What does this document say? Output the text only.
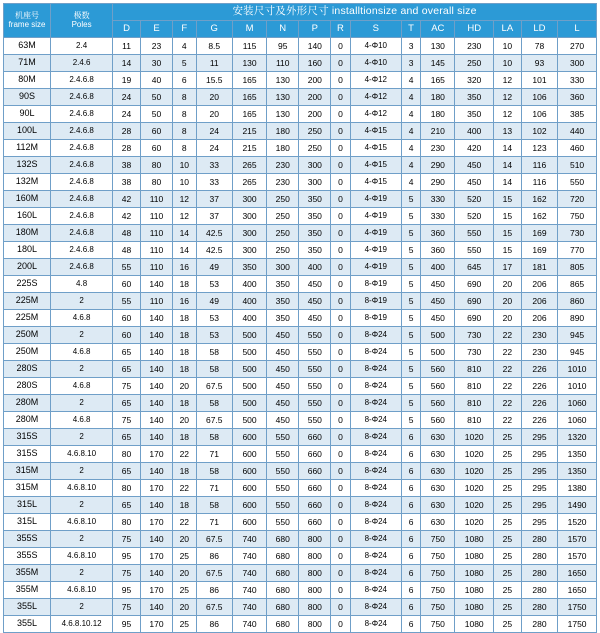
机座号
frame size	极数
Poles	安装尺寸及外形尺寸 installtionsize and overall size														
		D	E	F	G	M	N	P	R	S	T	AC	HD	LA	LD	L
63M	2.4	11	23	4	8.5	115	95	140	0	4-Φ10	3	130	230	10	78	270
71M	2.4.6	14	30	5	11	130	110	160	0	4-Φ10	3	145	250	10	93	300
80M	2.4.6.8	19	40	6	15.5	165	130	200	0	4-Φ12	4	165	320	12	101	330
90S	2.4.6.8	24	50	8	20	165	130	200	0	4-Φ12	4	180	350	12	106	360
90L	2.4.6.8	24	50	8	20	165	130	200	0	4-Φ12	4	180	350	12	106	385
100L	2.4.6.8	28	60	8	24	215	180	250	0	4-Φ15	4	210	400	13	102	440
112M	2.4.6.8	28	60	8	24	215	180	250	0	4-Φ15	4	230	420	14	123	460
132S	2.4.6.8	38	80	10	33	265	230	300	0	4-Φ15	4	290	450	14	116	510
132M	2.4.6.8	38	80	10	33	265	230	300	0	4-Φ15	4	290	450	14	116	550
160M	2.4.6.8	42	110	12	37	300	250	350	0	4-Φ19	5	330	520	15	162	720
160L	2.4.6.8	42	110	12	37	300	250	350	0	4-Φ19	5	330	520	15	162	750
180M	2.4.6.8	48	110	14	42.5	300	250	350	0	4-Φ19	5	360	550	15	169	730
180L	2.4.6.8	48	110	14	42.5	300	250	350	0	4-Φ19	5	360	550	15	169	770
200L	2.4.6.8	55	110	16	49	350	300	400	0	4-Φ19	5	400	645	17	181	805
225S	4.8	60	140	18	53	400	350	450	0	8-Φ19	5	450	690	20	206	865
225M	2	55	110	16	49	400	350	450	0	8-Φ19	5	450	690	20	206	860
225M	4.6.8	60	140	18	53	400	350	450	0	8-Φ19	5	450	690	20	206	890
250M	2	60	140	18	53	500	450	550	0	8-Φ24	5	500	730	22	230	945
250M	4.6.8	65	140	18	58	500	450	550	0	8-Φ24	5	500	730	22	230	945
280S	2	65	140	18	58	500	450	550	0	8-Φ24	5	560	810	22	226	1010
280S	4.6.8	75	140	20	67.5	500	450	550	0	8-Φ24	5	560	810	22	226	1010
280M	2	65	140	18	58	500	450	550	0	8-Φ24	5	560	810	22	226	1060
280M	4.6.8	75	140	20	67.5	500	450	550	0	8-Φ24	5	560	810	22	226	1060
315S	2	65	140	18	58	600	550	660	0	8-Φ24	6	630	1020	25	295	1320
315S	4.6.8.10	80	170	22	71	600	550	660	0	8-Φ24	6	630	1020	25	295	1350
315M	2	65	140	18	58	600	550	660	0	8-Φ24	6	630	1020	25	295	1350
315M	4.6.8.10	80	170	22	71	600	550	660	0	8-Φ24	6	630	1020	25	295	1380
315L	2	65	140	18	58	600	550	660	0	8-Φ24	6	630	1020	25	295	1490
315L	4.6.8.10	80	170	22	71	600	550	660	0	8-Φ24	6	630	1020	25	295	1520
355S	2	75	140	20	67.5	740	680	800	0	8-Φ24	6	750	1080	25	280	1570
355S	4.6.8.10	95	170	25	86	740	680	800	0	8-Φ24	6	750	1080	25	280	1570
355M	2	75	140	20	67.5	740	680	800	0	8-Φ24	6	750	1080	25	280	1650
355M	4.6.8.10	95	170	25	86	740	680	800	0	8-Φ24	6	750	1080	25	280	1650
355L	2	75	140	20	67.5	740	680	800	0	8-Φ24	6	750	1080	25	280	1750
355L	4.6.8.10.12	95	170	25	86	740	680	800	0	8-Φ24	6	750	1080	25	280	1750
